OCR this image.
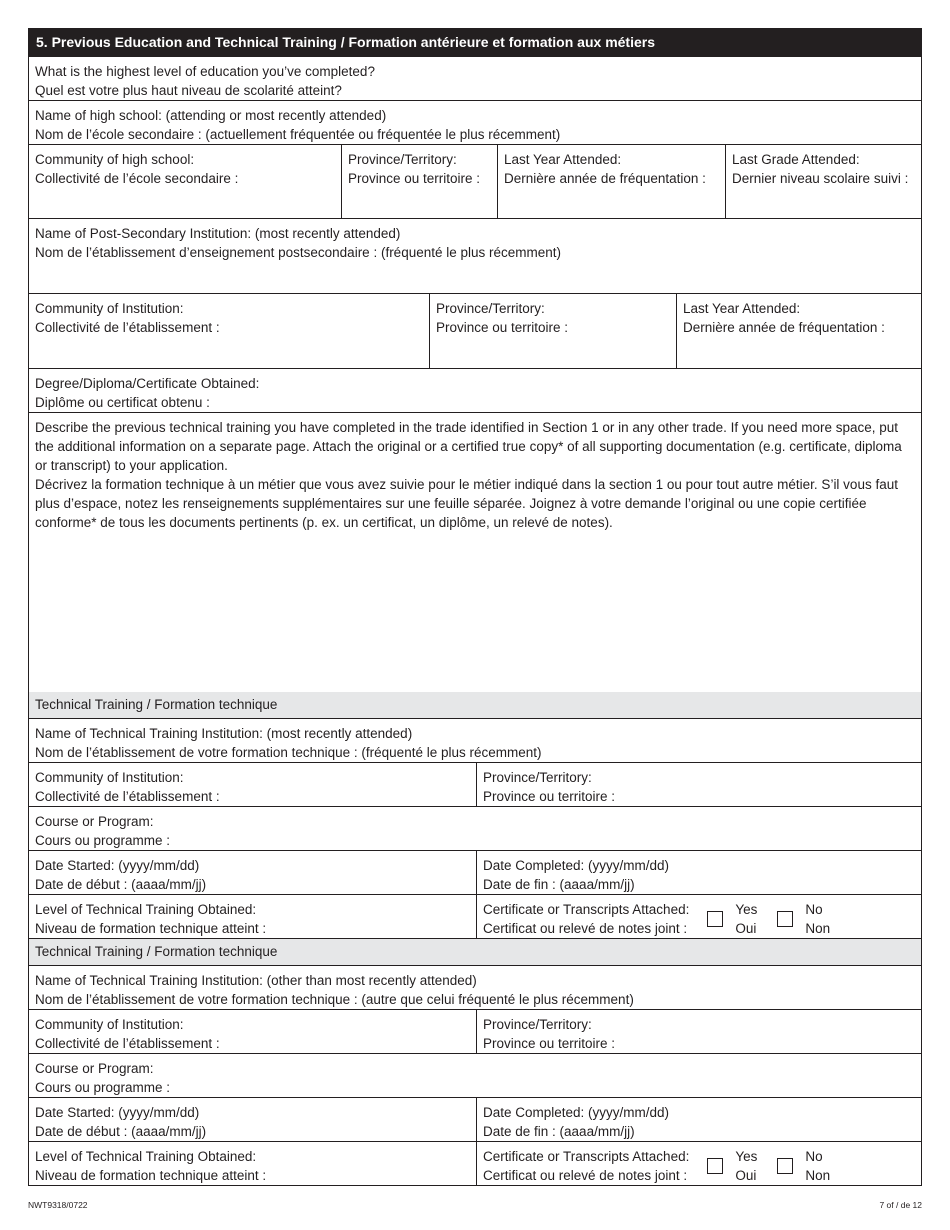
5. Previous Education and Technical Training / Formation antérieure et formation aux métiers
What is the highest level of education you’ve completed?
Quel est votre plus haut niveau de scolarité atteint?
Name of high school: (attending or most recently attended)
Nom de l’école secondaire : (actuellement fréquentée ou fréquentée le plus récemment)
Community of high school:
Collectivité de l’école secondaire :
Province/Territory:
Province ou territoire :
Last Year Attended:
Dernière année de fréquentation :
Last Grade Attended:
Dernier niveau scolaire suivi :
Name of Post-Secondary Institution: (most recently attended)
Nom de l’établissement d’enseignement postsecondaire : (fréquenté le plus récemment)
Community of Institution:
Collectivité de l’établissement :
Province/Territory:
Province ou territoire :
Last Year Attended:
Dernière année de fréquentation :
Degree/Diploma/Certificate Obtained:
Diplôme ou certificat obtenu :
Describe the previous technical training you have completed in the trade identified in Section 1 or in any other trade. If you need more space, put the additional information on a separate page. Attach the original or a certified true copy* of all supporting documentation (e.g. certificate, diploma or transcript) to your application.
Décrivez la formation technique à un métier que vous avez suivie pour le métier indiqué dans la section 1 ou pour tout autre métier. S’il vous faut plus d’espace, notez les renseignements supplémentaires sur une feuille séparée. Joignez à votre demande l’original ou une copie certifiée conforme* de tous les documents pertinents (p. ex. un certificat, un diplôme, un relevé de notes).
Technical Training / Formation technique
Name of Technical Training Institution: (most recently attended)
Nom de l’établissement de votre formation technique : (fréquenté le plus récemment)
Community of Institution:
Collectivité de l’établissement :
Province/Territory:
Province ou territoire :
Course or Program:
Cours ou programme :
Date Started: (yyyy/mm/dd)
Date de début : (aaaa/mm/jj)
Date Completed: (yyyy/mm/dd)
Date de fin : (aaaa/mm/jj)
Level of Technical Training Obtained:
Niveau de formation technique atteint :
Certificate or Transcripts Attached:
Certificat ou relevé de notes joint :
Yes
Oui
No
Non
Technical Training / Formation technique
Name of Technical Training Institution: (other than most recently attended)
Nom de l’établissement de votre formation technique : (autre que celui fréquenté le plus récemment)
Community of Institution:
Collectivité de l’établissement :
Province/Territory:
Province ou territoire :
Course or Program:
Cours ou programme :
Date Started: (yyyy/mm/dd)
Date de début : (aaaa/mm/jj)
Date Completed: (yyyy/mm/dd)
Date de fin : (aaaa/mm/jj)
Level of Technical Training Obtained:
Niveau de formation technique atteint :
Certificate or Transcripts Attached:
Certificat ou relevé de notes joint :
Yes
Oui
No
Non
NWT9318/0722	7 of / de 12
